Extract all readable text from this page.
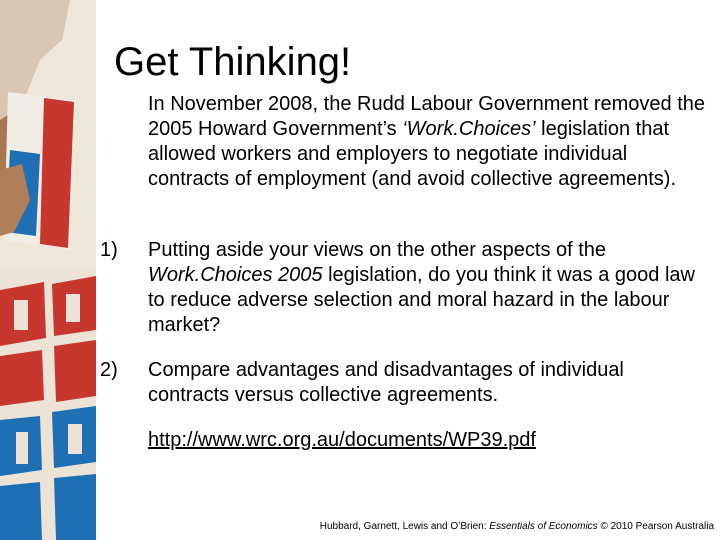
Get Thinking!
In November 2008, the Rudd Labour Government removed the 2005 Howard Government’s ‘Work.Choices’ legislation that allowed workers and employers to negotiate individual contracts of employment (and avoid collective agreements).
1)	Putting aside your views on the other aspects of the Work.Choices 2005 legislation, do you think it was a good law to reduce adverse selection and moral hazard in the labour market?
2)	Compare advantages and disadvantages of individual contracts versus collective agreements.
http://www.wrc.org.au/documents/WP39.pdf
Hubbard, Garnett, Lewis and O’Brien: Essentials of Economics © 2010 Pearson Australia
